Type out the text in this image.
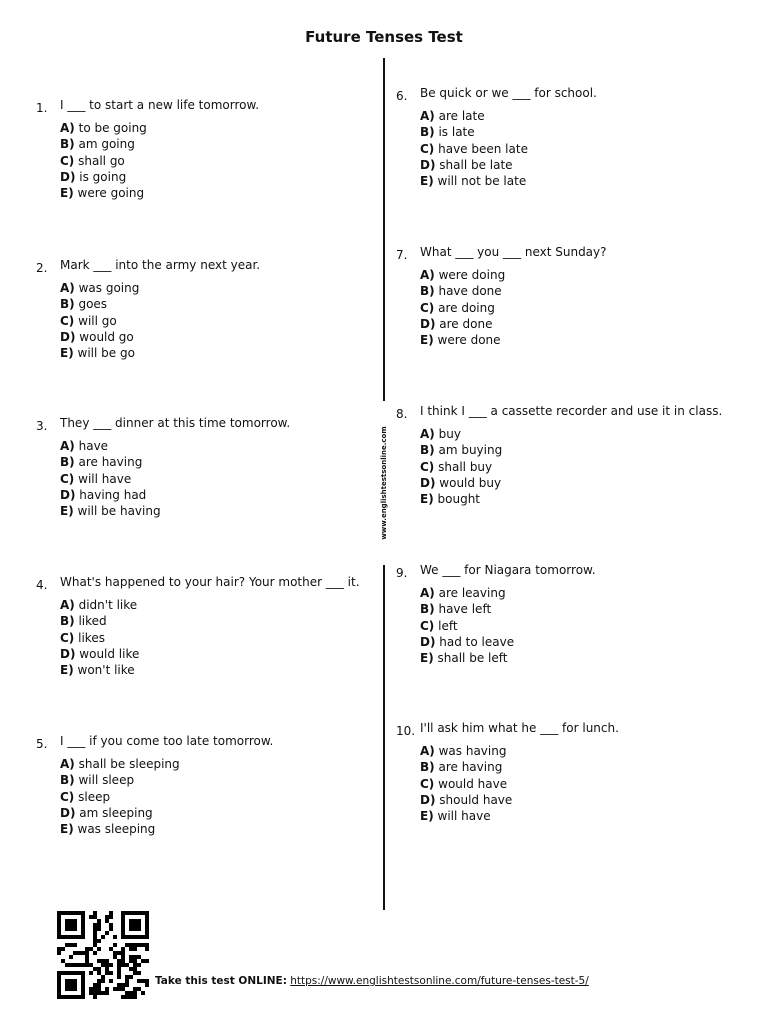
Future Tenses Test
www.englishtestsonline.com
1.	I ___ to start a new life tomorrow.
A) to be going
B) am going
C) shall go
D) is going
E) were going
2.	Mark ___ into the army next year.
A) was going
B) goes
C) will go
D) would go
E) will be go
3.	They ___ dinner at this time tomorrow.
A) have
B) are having
C) will have
D) having had
E) will be having
4.	What's happened to your hair? Your mother ___ it.
A) didn't like
B) liked
C) likes
D) would like
E) won't like
5.	I ___ if you come too late tomorrow.
A) shall be sleeping
B) will sleep
C) sleep
D) am sleeping
E) was sleeping
6.	Be quick or we ___ for school.
A) are late
B) is late
C) have been late
D) shall be late
E) will not be late
7.	What ___ you ___ next Sunday?
A) were doing
B) have done
C) are doing
D) are done
E) were done
8.	I think I ___ a cassette recorder and use it in class.
A) buy
B) am buying
C) shall buy
D) would buy
E) bought
9.	We ___ for Niagara tomorrow.
A) are leaving
B) have left
C) left
D) had to leave
E) shall be left
10. I'll ask him what he ___ for lunch.
A) was having
B) are having
C) would have
D) should have
E) will have
Take this test ONLINE: https://www.englishtestsonline.com/future-tenses-test-5/
